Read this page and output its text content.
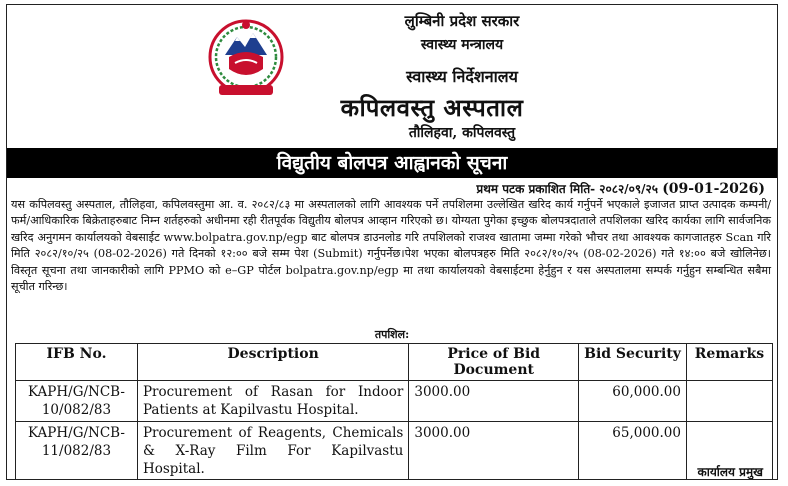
लुम्बिनी प्रदेश सरकार
स्वास्थ्य मन्त्रालय
स्वास्थ्य निर्देशनालय
कपिलवस्तु अस्पताल
तौलिहवा, कपिलवस्तु
विद्युतीय बोलपत्र आह्वानको सूचना
प्रथम पटक प्रकाशित मिति- २०८२/०९/२५ (09-01-2026)

यस कपिलवस्तु अस्पताल, तौलिहवा, कपिलवस्तुमा आ. व. २०८२/८३ मा अस्पतालको लागि आवश्यक पर्ने तपशिलमा उल्लेखित खरिद कार्य गर्नुपर्ने भएकाले इजाजत प्राप्त उत्पादक कम्पनी/फर्म/आधिकारिक बिक्रेताहरुबाट निम्न शर्तहरुको अधीनमा रही रीतपूर्वक विद्युतीय बोलपत्र आव्हान गरिएको छ। योग्यता पुगेका इच्छुक बोलपत्रदाताले तपशिलका खरिद कार्यका लागि सार्वजनिक खरिद अनुगमन कार्यालयको वेबसाईट www.bolpatra.gov.np/egp बाट बोलपत्र डाउनलोड गरि तपशिलको राजश्व खातामा जम्मा गरेको भौचर तथा आवश्यक कागजातहरु Scan गरि मिति २०८२/१०/२५ (08-02-2026) गते दिनको १२:०० बजे सम्म पेश (Submit) गर्नुपर्नेछ।पेश भएका बोलपत्रहरु मिति २०८२/१०/२५ (08-02-2026) गते १४:०० बजे खोलिनेछ। विस्तृत सूचना तथा जानकारीको लागि PPMO को e–GP पोर्टल bolpatra.gov.np/egp मा तथा कार्यालयको वेबसाईटमा हेर्नुहुन र यस अस्पतालमा सम्पर्क गर्नुहुन सम्बन्धित सबैमा सूचीत गरिन्छ।

तपशिल:
IFB No.	Description	Price of Bid Document	Bid Security	Remarks
KAPH/G/NCB-10/082/83	Procurement of Rasan for Indoor Patients at Kapilvastu Hospital.	3000.00	60,000.00	
KAPH/G/NCB-11/082/83	Procurement of Reagents, Chemicals & X-Ray Film For Kapilvastu Hospital.	3000.00	65,000.00	
कार्यालय प्रमुख
